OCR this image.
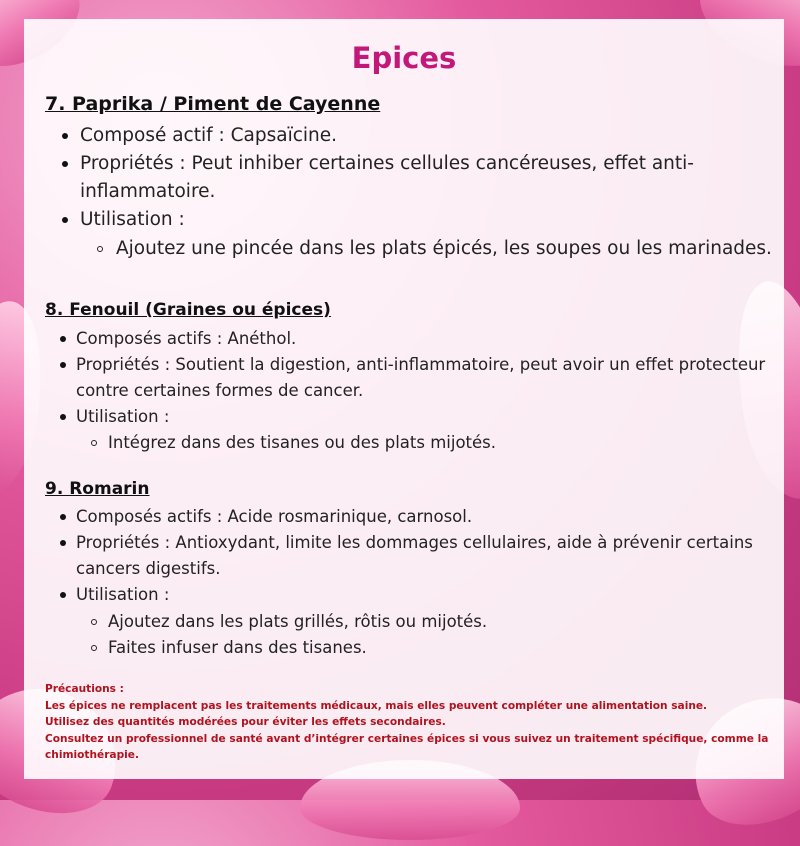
Epices
7. Paprika / Piment de Cayenne
Composé actif : Capsaïcine.
Propriétés : Peut inhiber certaines cellules cancéreuses, effet anti-inflammatoire.
Utilisation :
Ajoutez une pincée dans les plats épicés, les soupes ou les marinades.
8. Fenouil (Graines ou épices)
Composés actifs : Anéthol.
Propriétés : Soutient la digestion, anti-inflammatoire, peut avoir un effet protecteur contre certaines formes de cancer.
Utilisation :
Intégrez dans des tisanes ou des plats mijotés.
9. Romarin
Composés actifs : Acide rosmarinique, carnosol.
Propriétés : Antioxydant, limite les dommages cellulaires, aide à prévenir certains cancers digestifs.
Utilisation :
Ajoutez dans les plats grillés, rôtis ou mijotés.
Faites infuser dans des tisanes.
Précautions :
Les épices ne remplacent pas les traitements médicaux, mais elles peuvent compléter une alimentation saine.
Utilisez des quantités modérées pour éviter les effets secondaires.
Consultez un professionnel de santé avant d’intégrer certaines épices si vous suivez un traitement spécifique, comme la chimiothérapie.
